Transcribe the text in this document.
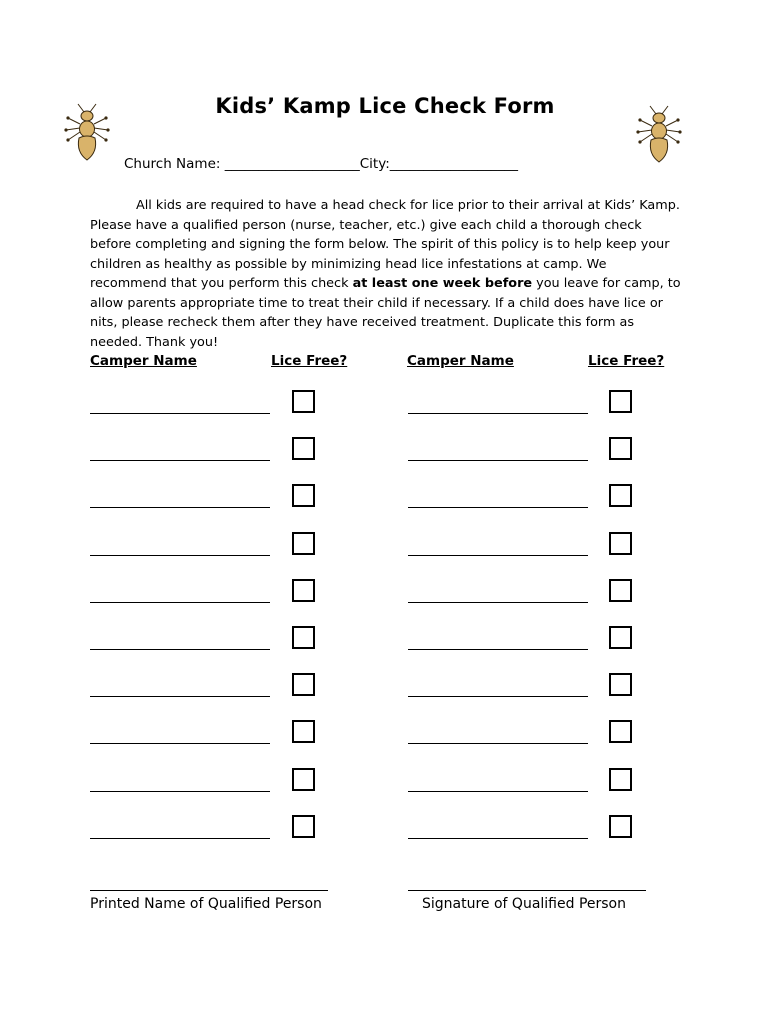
Kids’ Kamp Lice Check Form
Church Name: ____________________City:___________________
All kids are required to have a head check for lice prior to their arrival at Kids’ Kamp. Please have a qualified person (nurse, teacher, etc.) give each child a thorough check before completing and signing the form below. The spirit of this policy is to help keep your children as healthy as possible by minimizing head lice infestations at camp. We recommend that you perform this check at least one week before you leave for camp, to allow parents appropriate time to treat their child if necessary. If a child does have lice or nits, please recheck them after they have received treatment. Duplicate this form as needed. Thank you!
Camper Name	Lice Free?	Camper Name	Lice Free?
Printed Name of Qualified Person	Signature of Qualified Person
